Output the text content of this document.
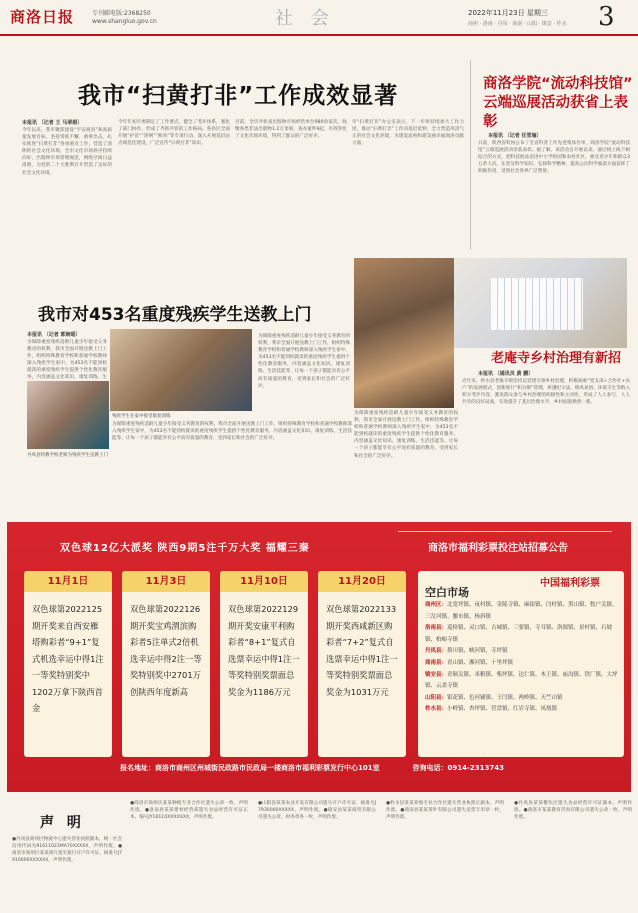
商洛日报	专刊邮电版:2368250
www.shangluo.gov.cn	社 会	2022年11月23日 星期三
商州 · 洛南 · 丹凤 · 商南 · 山阳 · 镇安 · 柞水 3
我市“扫黄打非”工作成效显著
本报讯 〔记者 王 马翠娟〕
今年以来，我市聚焦建设“平安商洛”和高质量发展目标，坚持常抓不懈、重拳出击，扎实推进“扫黄打非”各项重点工作，营造了清朗的社会文化环境。全市文化市场秩序持续向好，出版物市场管理规范，网络空间日益清朗，为党的二十大胜利召开营造了良好的社会文化环境。
今年年初市委制定了工作要点，健全了考评体系，强化了部门协作，形成了齐抓共管的工作格局。各县区全面开展“护苗”“净网”“秋风”等专项行动，深入开展基层站点规范化建设，广泛宣传“扫黄打非”知识。
目前，全市共检查出版物市场经营单位980余家次，收缴各类非法出版物1.2万余册，查办案件9起，有效净化了文化市场环境，得到了群众的广泛好评。
市“扫黄打非”办公室表示，下一步将持续加大工作力度，推动“扫黄打非”工作向基层延伸，全力营造风清气正的社会文化环境，为建设富裕和谐美丽幸福商洛贡献力量。
商洛学院“流动科技馆”
云端巡展活动获省上表彰
本报讯 〔记者 任雪瑜〕
日前，陕西省科协公布了全省科普工作先进集体名单，商洛学院“流动科技馆”云端巡展活动荣获表彰。据了解，该活动自开展以来，通过线上线下相结合的方式，把科技展品送进中小学校园和农村社区，惠及青少年和群众3万余人次，在普及科学知识、弘扬科学精神、提高公民科学素质方面发挥了积极作用，受到社会各界广泛赞誉。
老庵寺乡村治理有新招
本报讯 〔通讯员 黄 鹏〕
近年来，柞水县老庵寺镇坚持以党建引领乡村治理，积极探索“党支部+合作社+农户”的发展模式，创新推行“积分制”管理，将遵纪守法、移风易俗、环境卫生等纳入积分考评内容，激发群众参与乡村治理的积极性和主动性，形成了人人参与、人人共享的良好局面，有效提升了基层治理水平，乡村面貌焕然一新。
我市对453名重度残疾学生送教上门
本报讯 〔记者 郭婉瑶〕
为保障重度残疾适龄儿童少年接受义务教育的权利，我市全面开展送教上门工作，组织特殊教育学校和普通学校教师深入残疾学生家中，为453名不能到校就读的重度残疾学生提供个性化教育服务，内容涵盖文化知识、康复训练、生
丹凤县特教学校老师为残疾学生送教上门
残疾学生在家中接受康复训练
为保障重度残疾适龄儿童少年接受义务教育的权利，我市全面开展送教上门工作，组织特殊教育学校和普通学校教师深入残疾学生家中，为453名不能到校就读的重度残疾学生提供个性化教育服务，内容涵盖文化知识、康复训练、生活技能等，让每一个孩子都能享有公平而有质量的教育，受到家长和社会的广泛好评。
为保障重度残疾适龄儿童少年接受义务教育的权利，我市全面开展送教上门工作，组织特殊教育学校和普通学校教师深入残疾学生家中，为453名不能到校就读的重度残疾学生提供个性化教育服务，内容涵盖文化知识、康复训练、生活技能等，让每一个孩子都能享有公平而有质量的教育，受到家长和社会的广泛好评。
为保障重度残疾适龄儿童少年接受义务教育的权利，我市全面开展送教上门工作，组织特殊教育学校和普通学校教师深入残疾学生家中，为453名不能到校就读的重度残疾学生提供个性化教育服务，内容涵盖文化知识、康复训练、生活技能等，让每一个孩子都能享有公平而有质量的教育，受到家长和社会的广泛好评。
双色球12亿大派奖 陕西9期5注千万大奖 福耀三秦	商洛市福利彩票投注站招募公告
11月1日
双色球第2022125期开奖来自西安雁塔购彩者“9+1”复式机选幸运中得1注一等奖特别奖中1202万拿下陕西首金
11月3日
双色球第2022126期开奖宝鸡渭滨购彩者5注单式2倍机选幸运中得2注一等奖特别奖中2701万创陕西年度新高
11月10日
双色球第2022129期开奖安康平利购彩者“8+1”复式自选票幸运中得1注一等奖特别奖票面总奖金为1186万元
11月20日
双色球第2022133期开奖西咸新区购彩者“7+2”复式自选票幸运中得1注一等奖特别奖票面总奖金为1031万元
空白市场
中国福利彩票
商州区：北宽坪镇、夜村镇、金陵寺镇、麻街镇、闫村镇、黑山镇、牧户关镇、三岔河镇、腰市镇、杨斜镇
洛南县：巡检镇、灵口镇、古城镇、三要镇、寺耳镇、洛源镇、景村镇、石坡镇、柏峪寺镇
丹凤县：蔡川镇、峡河镇、寺坪镇
商南县：青山镇、湘河镇、十里坪镇
镇安县：青铜关镇、米粮镇、柴坪镇、达仁镇、木王镇、庙沟镇、铁厂镇、大坪镇、云盖寺镇
山阳县：银花镇、色河铺镇、王闫镇、两岭镇、天竺山镇
柞水县：小岭镇、杏坪镇、营盘镇、红岩寺镇、凤凰镇
报名地址：商洛市商州区州城街民政路市民政局一楼商洛市福利彩票发行中心101室	咨询电话：0914-2313743
声 明
●丹凤县商州区物流中心遗失营业执照副本，统一社会信用代码为91611022MA70XXXXX，声明作废。●商洛市商州区某某商行遗失银行开户许可证，核准号J7910000XXXXXX，声明作废。
●商洛市商州区某某种植专业合作社遗失公章一枚，声明作废。●洛南县某某建材经营部遗失食品经营许可证正本，编号JY16110XXXXXXX，声明作废。
●山阳县某某农业开发有限公司遗失开户许可证，核准号J7930000XXXXX，声明作废。●镇安县某某商贸有限公司遗失公章、财务章各一枚，声明作废。
●柞水县某某养殖专业合作社遗失营业执照正副本，声明作废。●商南县某某茶叶有限公司遗失发票专用章一枚，声明作废。
●丹凤县某某餐饮店遗失食品经营许可证副本，声明作废。●商洛市某某教育咨询有限公司遗失公章一枚，声明作废。
